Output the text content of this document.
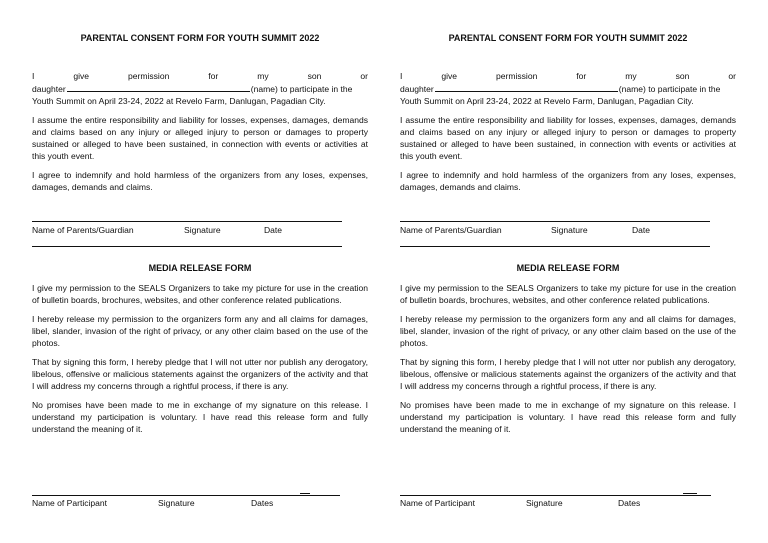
PARENTAL CONSENT FORM FOR YOUTH SUMMIT 2022
I	give	permission	for	my	son	or
daughter	(name) to participate in the
Youth Summit on April 23-24, 2022 at Revelo Farm, Danlugan, Pagadian City.
I assume the entire responsibility and liability for losses, expenses, damages, demands and claims based on any injury or alleged injury to person or damages to property sustained or alleged to have been sustained, in connection with events or activities at this youth event.
I agree to indemnify and hold harmless of the organizers from any loses, expenses, damages, demands and claims.
Name of Parents/Guardian	Signature	Date
MEDIA RELEASE FORM
I give my permission to the SEALS Organizers to take my picture for use in the creation of bulletin boards, brochures, websites, and other conference related publications.
I hereby release my permission to the organizers form any and all claims for damages, libel, slander, invasion of the right of privacy, or any other claim based on the use of the photos.
That by signing this form, I hereby pledge that I will not utter nor publish any derogatory, libelous, offensive or malicious statements against the organizers of the activity and that I will address my concerns through a rightful process, if there is any.
No promises have been made to me in exchange of my signature on this release. I understand my participation is voluntary. I have read this release form and fully understand the meaning of it.
Name of Participant	Signature	Dates
PARENTAL CONSENT FORM FOR YOUTH SUMMIT 2022
I	give	permission	for	my	son	or
daughter	(name) to participate in the
Youth Summit on April 23-24, 2022 at Revelo Farm, Danlugan, Pagadian City.
I assume the entire responsibility and liability for losses, expenses, damages, demands and claims based on any injury or alleged injury to person or damages to property sustained or alleged to have been sustained, in connection with events or activities at this youth event.
I agree to indemnify and hold harmless of the organizers from any loses, expenses, damages, demands and claims.
Name of Parents/Guardian	Signature	Date
MEDIA RELEASE FORM
I give my permission to the SEALS Organizers to take my picture for use in the creation of bulletin boards, brochures, websites, and other conference related publications.
I hereby release my permission to the organizers form any and all claims for damages, libel, slander, invasion of the right of privacy, or any other claim based on the use of the photos.
That by signing this form, I hereby pledge that I will not utter nor publish any derogatory, libelous, offensive or malicious statements against the organizers of the activity and that I will address my concerns through a rightful process, if there is any.
No promises have been made to me in exchange of my signature on this release. I understand my participation is voluntary. I have read this release form and fully understand the meaning of it.
Name of Participant	Signature	Dates
